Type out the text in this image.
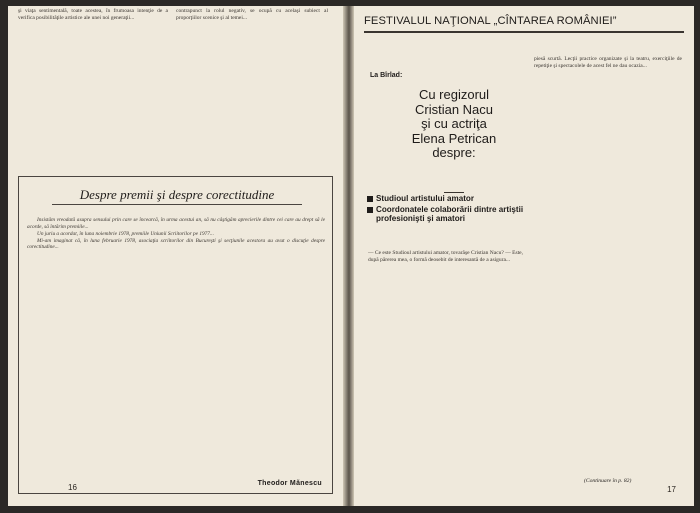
şi viaţa sentimentală, toate acestea, în frumoasa intenţie de a verifica posibilităţile artistice ale unei noi generaţii...

contrapunct la rolul negativ, se ocupă cu acelaşi subiect al proporţiilor scenice şi al temei...

Despre premii şi despre corectitudine

Insistăm vreodată asupra sensului prin care se încearcă, în urma acestui an, să nu câştigăm aprecierile dintre cei care au drept să le acorde, să întărim premiile...

Un juriu a acordat, în luna noiembrie 1978, premiile Uniunii Scriitorilor pe 1977...

Mi-am imaginat că, în luna februarie 1978, asociaţia scriitorilor din Bucureşti şi secţiunile acestora au avut o discuţie despre corectitudine...

Theodor Mănescu
16
FESTIVALUL NAŢIONAL „CÎNTAREA ROMÂNIEI”
La Bîrlad:
Cu regizorul
Cristian Nacu
şi cu actriţa
Elena Petrican
despre:
Studioul artistului amator
Coordonatele colaborării dintre artiştii profesionişti şi amatori

— Ce este Studioul artistului amator, tovarăşe Cristian Nacu? — Este, după părerea mea, o formă deosebit de interesantă de a asigura...

piesă scurtă. Lecţii practice organizate şi la teatru, exerciţiile de repetiţie şi spectacolele de acest fel ne dau ocazia...

(Continuare în p. 82)
17
